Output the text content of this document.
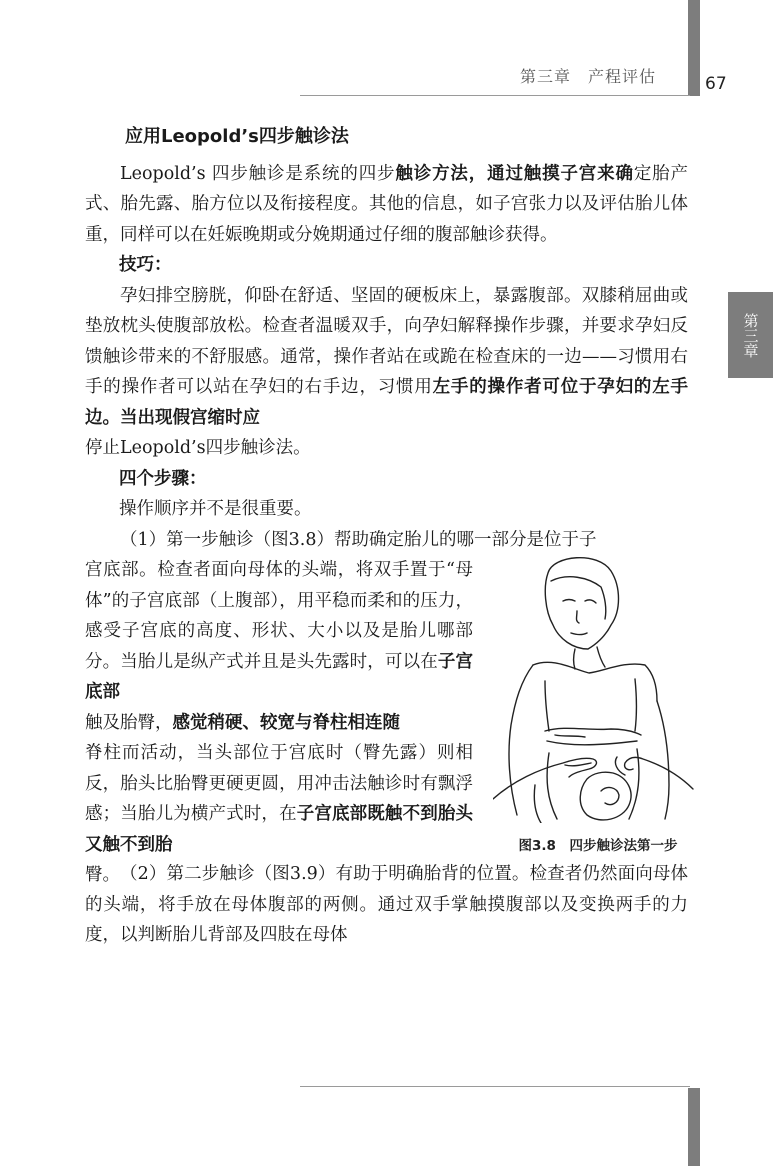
第三章　产程评估	67
第三章

应用Leopold’s四步触诊法

Leopold’s 四步触诊是系统的四步触诊方法，通过触摸子宫来确定胎产式、胎先露、胎方位以及衔接程度。其他的信息，如子宫张力以及评估胎儿体重，同样可以在妊娠晚期或分娩期通过仔细的腹部触诊获得。

技巧：

孕妇排空膀胱，仰卧在舒适、坚固的硬板床上，暴露腹部。双膝稍屈曲或垫放枕头使腹部放松。检查者温暖双手，向孕妇解释操作步骤，并要求孕妇反馈触诊带来的不舒服感。通常，操作者站在或跪在检查床的一边——习惯用右手的操作者可以站在孕妇的右手边，习惯用左手的操作者可位于孕妇的左手边。当出现假宫缩时应
停止Leopold’s四步触诊法。

四个步骤：

操作顺序并不是很重要。

（1）第一步触诊（图3.8）帮助确定胎儿的哪一部分是位于子

宫底部。检查者面向母体的头端，将双手置于“母体”的子宫底部（上腹部），用平稳而柔和的压力，感受子宫底的高度、形状、大小以及是胎儿哪部分。当胎儿是纵产式并且是头先露时，可以在子宫底部
触及胎臀，感觉稍硬、较宽与脊柱相连随
脊柱而活动，当头部位于宫底时（臀先露）则相反，胎头比胎臀更硬更圆，用冲击法触诊时有飘浮感；当胎儿为横产式时，在子宫底部既触不到胎头又触不到胎
臀。

图3.8　四步触诊法第一步

（2）第二步触诊（图3.9）有助于明确胎背的位置。检查者仍然面向母体的头端，将手放在母体腹部的两侧。通过双手掌触摸腹部以及变换两手的力度，以判断胎儿背部及四肢在母体
